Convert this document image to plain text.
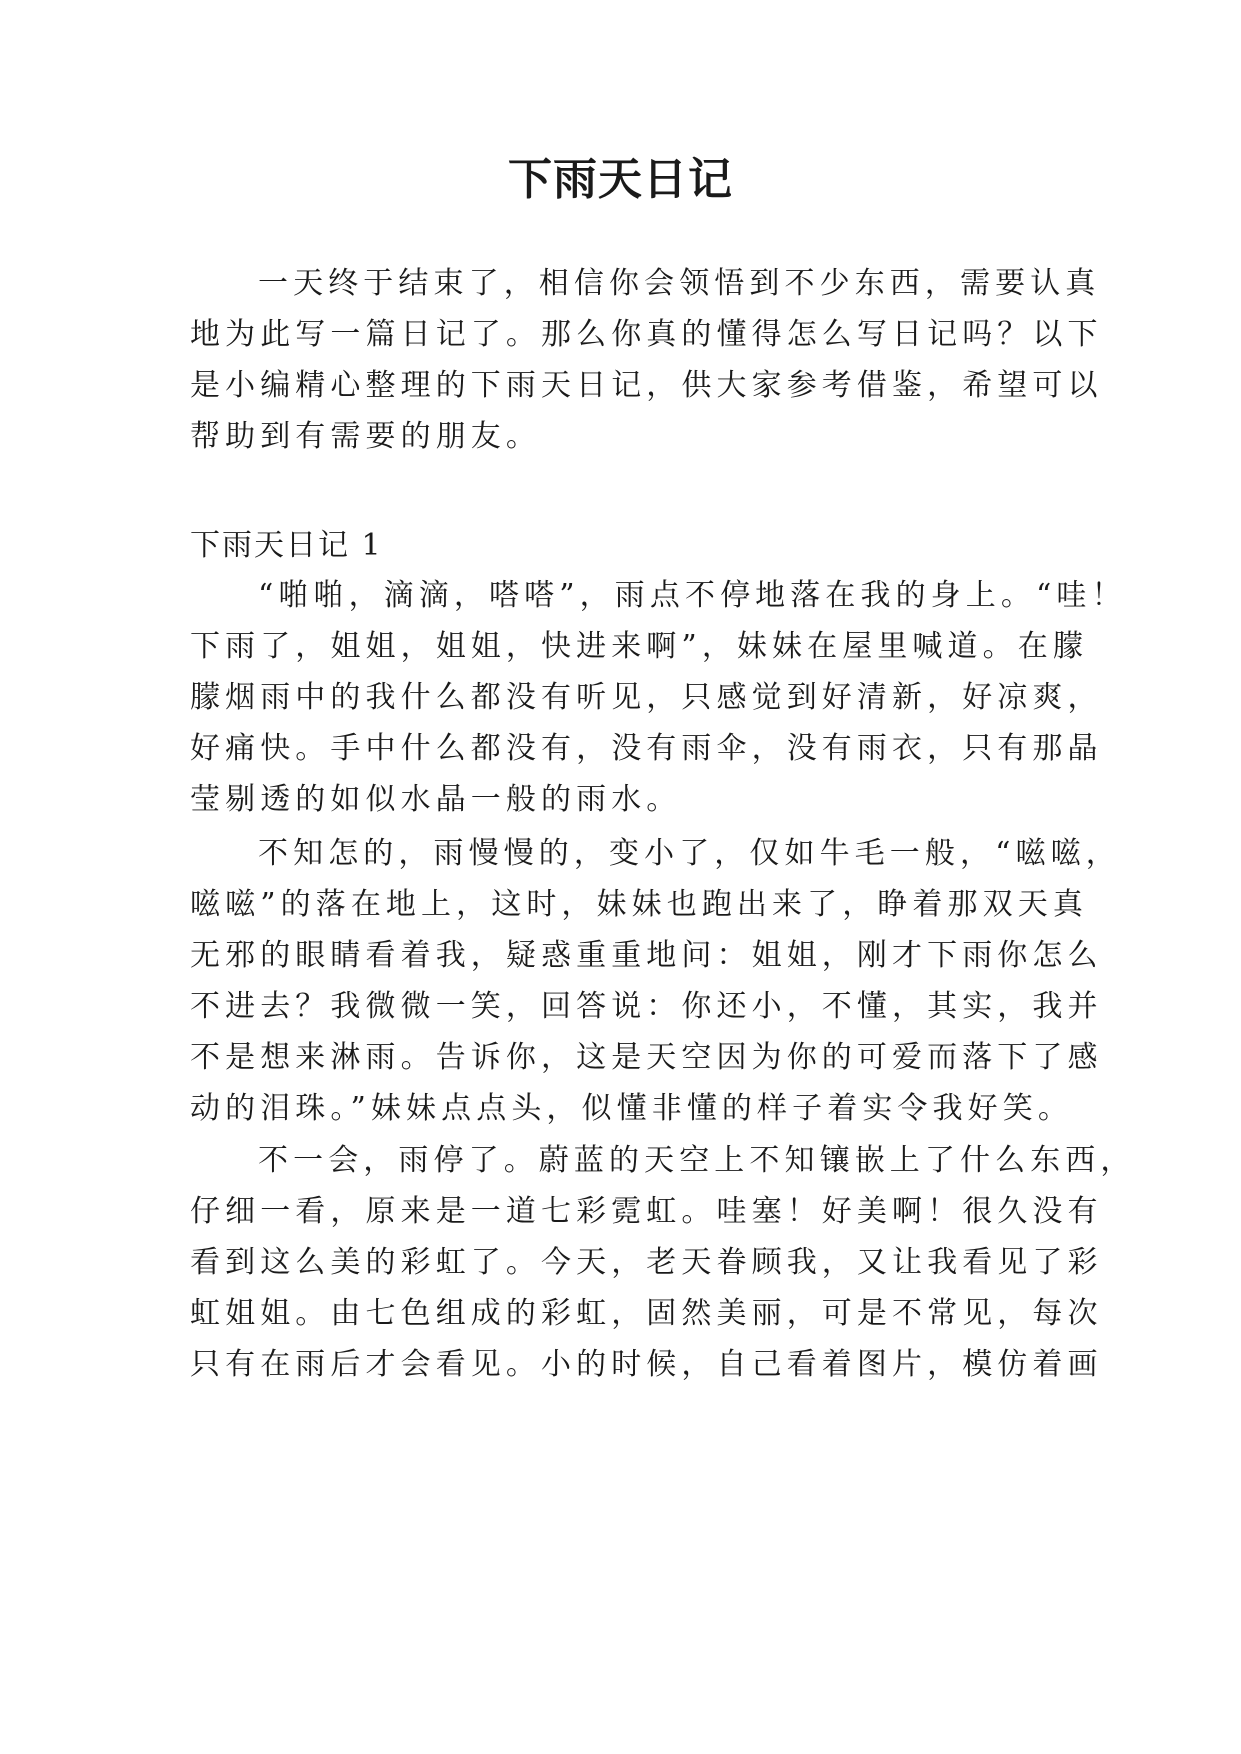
下雨天日记
一天终于结束了，相信你会领悟到不少东西，需要认真
地为此写一篇日记了。那么你真的懂得怎么写日记吗？以下
是小编精心整理的下雨天日记，供大家参考借鉴，希望可以
帮助到有需要的朋友。
下雨天日记 1
“啪啪，滴滴，嗒嗒”，雨点不停地落在我的身上。“哇！
下雨了，姐姐，姐姐，快进来啊”，妹妹在屋里喊道。在朦
朦烟雨中的我什么都没有听见，只感觉到好清新，好凉爽，
好痛快。手中什么都没有，没有雨伞，没有雨衣，只有那晶
莹剔透的如似水晶一般的雨水。
不知怎的，雨慢慢的，变小了，仅如牛毛一般，“嗞嗞，
嗞嗞”的落在地上，这时，妹妹也跑出来了，睁着那双天真
无邪的眼睛看着我，疑惑重重地问：姐姐，刚才下雨你怎么
不进去？我微微一笑，回答说：你还小，不懂，其实，我并
不是想来淋雨。告诉你，这是天空因为你的可爱而落下了感
动的泪珠。”妹妹点点头，似懂非懂的样子着实令我好笑。
不一会，雨停了。蔚蓝的天空上不知镶嵌上了什么东西，
仔细一看，原来是一道七彩霓虹。哇塞！好美啊！很久没有
看到这么美的彩虹了。今天，老天眷顾我，又让我看见了彩
虹姐姐。由七色组成的彩虹，固然美丽，可是不常见，每次
只有在雨后才会看见。小的时候，自己看着图片，模仿着画
